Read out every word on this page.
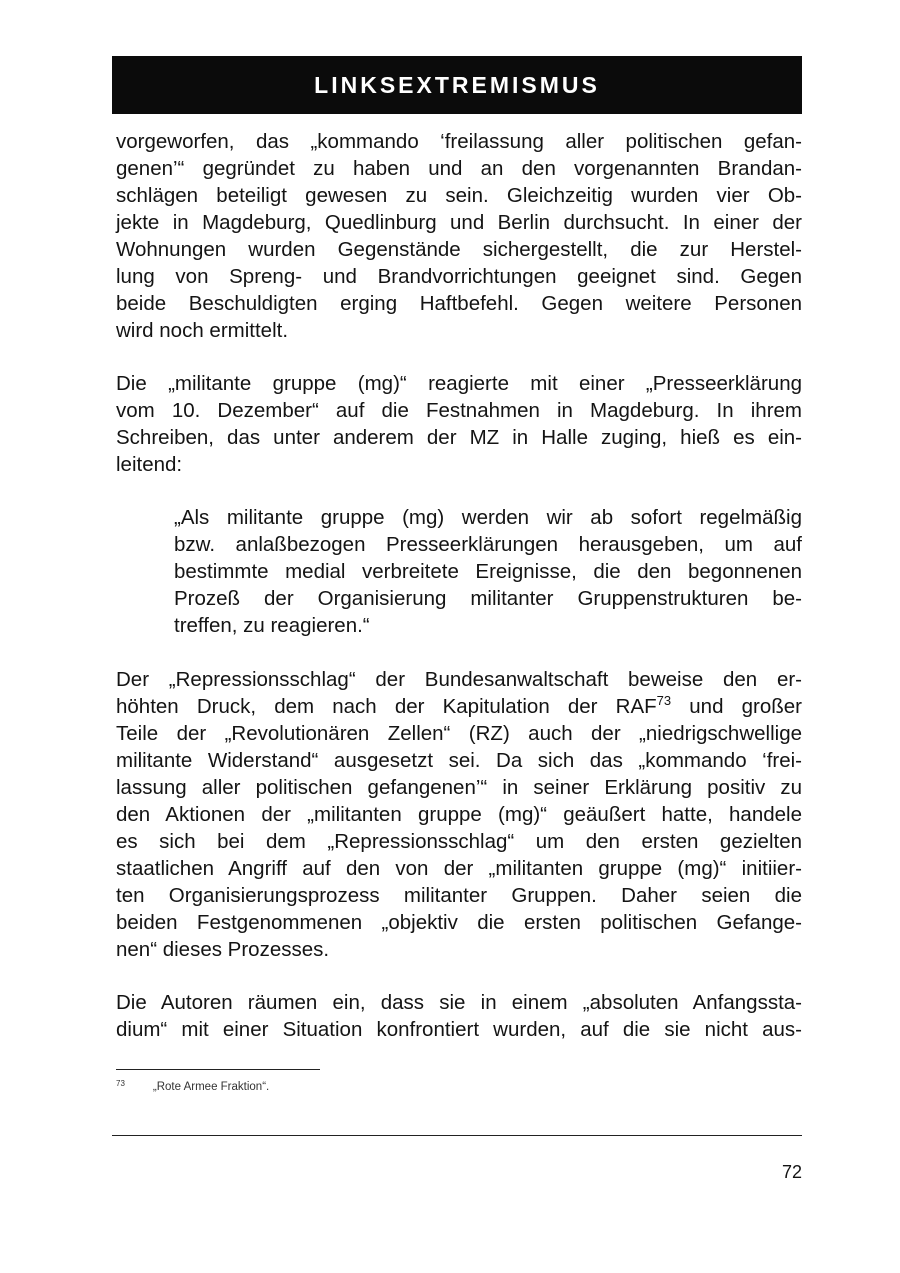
LINKSEXTREMISMUS
vorgeworfen, das „kommando ‘freilassung aller politischen gefan-
genen’“ gegründet zu haben und an den vorgenannten Brandan-
schlägen beteiligt gewesen zu sein. Gleichzeitig wurden vier Ob-
jekte in Magdeburg, Quedlinburg und Berlin durchsucht. In einer der
Wohnungen wurden Gegenstände sichergestellt, die zur Herstel-
lung von Spreng- und Brandvorrichtungen geeignet sind. Gegen
beide Beschuldigten erging Haftbefehl. Gegen weitere Personen
wird noch ermittelt.
Die „militante gruppe (mg)“ reagierte mit einer „Presseerklärung
vom 10. Dezember“ auf die Festnahmen in Magdeburg. In ihrem
Schreiben, das unter anderem der MZ in Halle zuging, hieß es ein-
leitend:
„Als militante gruppe (mg) werden wir ab sofort regelmäßig
bzw. anlaßbezogen Presseerklärungen herausgeben, um auf
bestimmte medial verbreitete Ereignisse, die den begonnenen
Prozeß der Organisierung militanter Gruppenstrukturen be-
treffen, zu reagieren.“
Der „Repressionsschlag“ der Bundesanwaltschaft beweise den er-
höhten Druck, dem nach der Kapitulation der RAF$^{73}$ und großer
Teile der „Revolutionären Zellen“ (RZ) auch der „niedrigschwellige
militante Widerstand“ ausgesetzt sei. Da sich das „kommando ‘frei-
lassung aller politischen gefangenen’“ in seiner Erklärung positiv zu
den Aktionen der „militanten gruppe (mg)“ geäußert hatte, handele
es sich bei dem „Repressionsschlag“ um den ersten gezielten
staatlichen Angriff auf den von der „militanten gruppe (mg)“ initiier-
ten Organisierungsprozess militanter Gruppen. Daher seien die
beiden Festgenommenen „objektiv die ersten politischen Gefange-
nen“ dieses Prozesses.
Die Autoren räumen ein, dass sie in einem „absoluten Anfangssta-
dium“ mit einer Situation konfrontiert wurden, auf die sie nicht aus-
$^{73}$ „Rote Armee Fraktion“.
72
